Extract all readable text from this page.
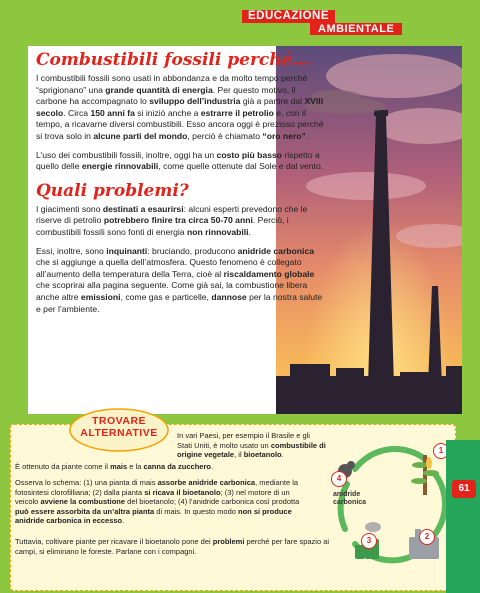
EDUCAZIONE
AMBIENTALE
Combustibili fossili perché...

I combustibili fossili sono usati in abbondanza e da molto tempo perché “sprigionano” una grande quantità di energia. Per questo motivo, il carbone ha accompagnato lo sviluppo dell’industria già a partire dal XVIII secolo. Circa 150 anni fa si iniziò anche a estrarre il petrolio e, con il tempo, a ricavarne diversi combustibili. Esso ancora oggi è prezioso perché si trova solo in alcune parti del mondo, perciò è chiamato “oro nero”.

L’uso dei combustibili fossili, inoltre, oggi ha un costo più basso rispetto a quello delle energie rinnovabili, come quelle ottenute dal Sole e dal vento.

Quali problemi?

I giacimenti sono destinati a esaurirsi: alcuni esperti prevedono che le riserve di petrolio potrebbero finire tra circa 50-70 anni. Perciò, i combustibili fossili sono fonti di energia non rinnovabili.

Essi, inoltre, sono inquinanti: bruciando, producono anidride carbonica che si aggiunge a quella dell’atmosfera. Questo fenomeno è collegato all’aumento della temperatura della Terra, cioè al riscaldamento globale che scoprirai alla pagina seguente. Come già sai, la combustione libera anche altre emissioni, come gas e particelle, dannose per la nostra salute e per l’ambiente.

TROVARE
ALTERNATIVE	In vari Paesi, per esempio il Brasile e gli Stati Uniti, è molto usato un combustibile di origine vegetale, il bioetanolo.
È ottenuto da piante come il mais e la canna da zucchero.
Osserva lo schema: (1) una pianta di mais assorbe anidride carbonica, mediante la fotosintesi clorofilliana; (2) dalla pianta si ricava il bioetanolo; (3) nel motore di un veicolo avviene la combustione del bioetanolo; (4) l’anidride carbonica così prodotta può essere assorbita da un’altra pianta di mais. In questo modo non si produce anidride carbonica in eccesso.
Tuttavia, coltivare piante per ricavare il bioetanolo pone dei problemi perché per fare spazio ai campi, si eliminano le foreste. Parlane con i compagni.
1
2
3
4
anidride carbonica
61
